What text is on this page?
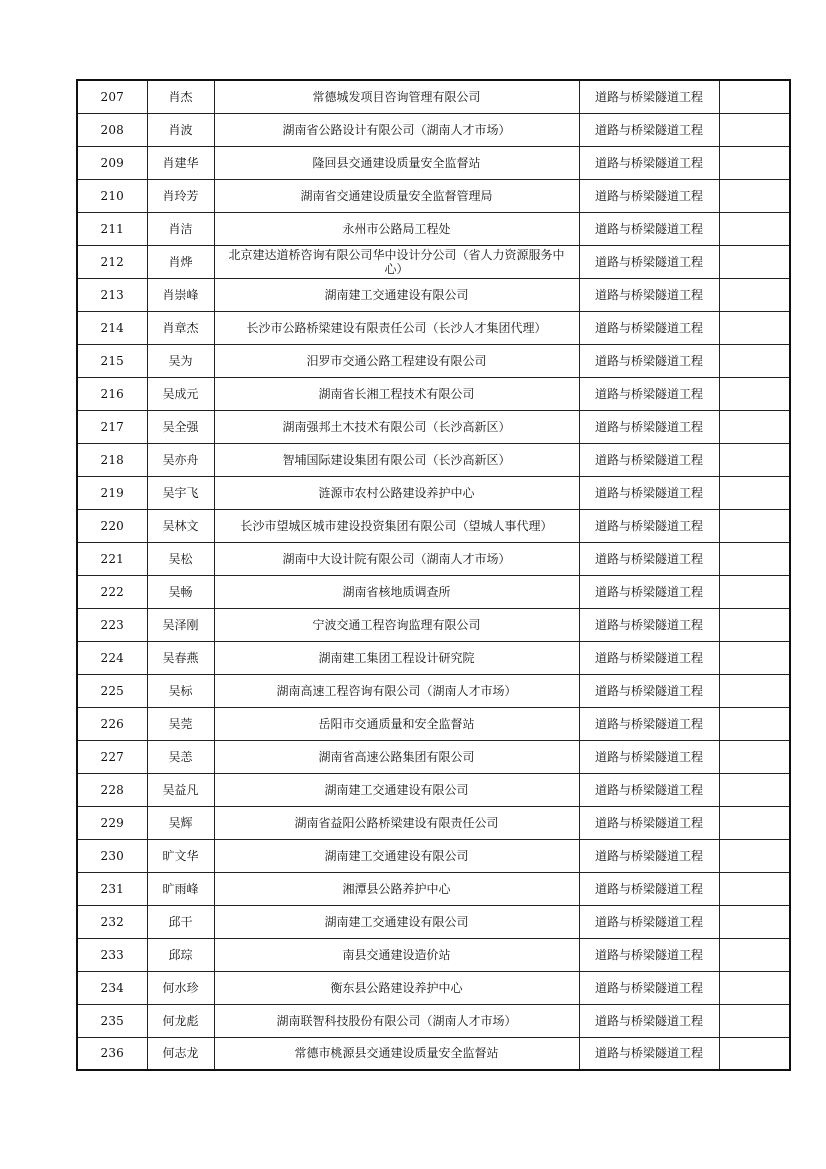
207	肖杰	常德城发项目咨询管理有限公司	道路与桥梁隧道工程	
208	肖波	湖南省公路设计有限公司（湖南人才市场）	道路与桥梁隧道工程	
209	肖建华	隆回县交通建设质量安全监督站	道路与桥梁隧道工程	
210	肖玲芳	湖南省交通建设质量安全监督管理局	道路与桥梁隧道工程	
211	肖洁	永州市公路局工程处	道路与桥梁隧道工程	
212	肖烨	北京建达道桥咨询有限公司华中设计分公司（省人力资源服务中心）	道路与桥梁隧道工程	
213	肖崇峰	湖南建工交通建设有限公司	道路与桥梁隧道工程	
214	肖章杰	长沙市公路桥梁建设有限责任公司（长沙人才集团代理）	道路与桥梁隧道工程	
215	吴为	汨罗市交通公路工程建设有限公司	道路与桥梁隧道工程	
216	吴成元	湖南省长湘工程技术有限公司	道路与桥梁隧道工程	
217	吴全强	湖南强邦土木技术有限公司（长沙高新区）	道路与桥梁隧道工程	
218	吴亦舟	智埔国际建设集团有限公司（长沙高新区）	道路与桥梁隧道工程	
219	吴宇飞	涟源市农村公路建设养护中心	道路与桥梁隧道工程	
220	吴林文	长沙市望城区城市建设投资集团有限公司（望城人事代理）	道路与桥梁隧道工程	
221	吴松	湖南中大设计院有限公司（湖南人才市场）	道路与桥梁隧道工程	
222	吴畅	湖南省核地质调查所	道路与桥梁隧道工程	
223	吴泽刚	宁波交通工程咨询监理有限公司	道路与桥梁隧道工程	
224	吴春燕	湖南建工集团工程设计研究院	道路与桥梁隧道工程	
225	吴标	湖南高速工程咨询有限公司（湖南人才市场）	道路与桥梁隧道工程	
226	吴莞	岳阳市交通质量和安全监督站	道路与桥梁隧道工程	
227	吴恙	湖南省高速公路集团有限公司	道路与桥梁隧道工程	
228	吴益凡	湖南建工交通建设有限公司	道路与桥梁隧道工程	
229	吴辉	湖南省益阳公路桥梁建设有限责任公司	道路与桥梁隧道工程	
230	旷文华	湖南建工交通建设有限公司	道路与桥梁隧道工程	
231	旷雨峰	湘潭县公路养护中心	道路与桥梁隧道工程	
232	邱干	湖南建工交通建设有限公司	道路与桥梁隧道工程	
233	邱琮	南县交通建设造价站	道路与桥梁隧道工程	
234	何水珍	衡东县公路建设养护中心	道路与桥梁隧道工程	
235	何龙彪	湖南联智科技股份有限公司（湖南人才市场）	道路与桥梁隧道工程	
236	何志龙	常德市桃源县交通建设质量安全监督站	道路与桥梁隧道工程	
